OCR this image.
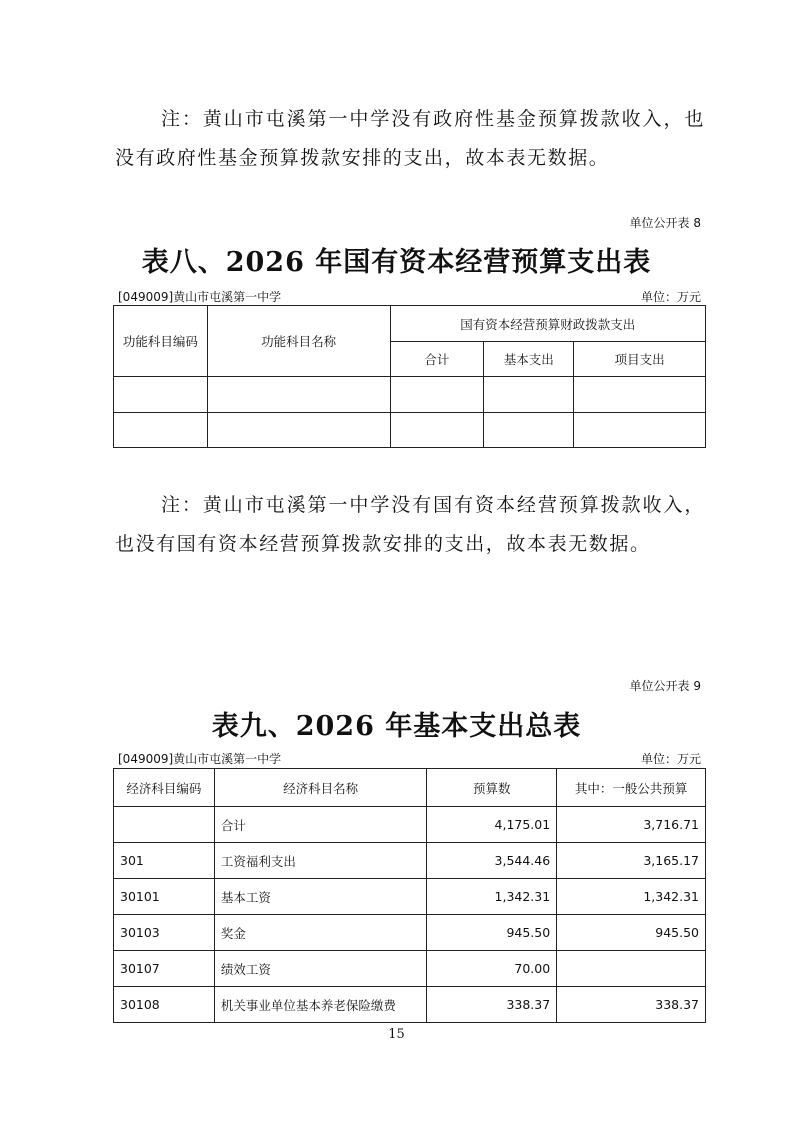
注：黄山市屯溪第一中学没有政府性基金预算拨款收入，也没有政府性基金预算拨款安排的支出，故本表无数据。

单位公开表 8
表八、2026 年国有资本经营预算支出表
[049009]黄山市屯溪第一中学	单位：万元
功能科目编码	功能科目名称	国有资本经营预算财政拨款支出		
		合计	基本支出	项目支出

注：黄山市屯溪第一中学没有国有资本经营预算拨款收入，也没有国有资本经营预算拨款安排的支出，故本表无数据。

单位公开表 9
表九、2026 年基本支出总表
[049009]黄山市屯溪第一中学	单位：万元
经济科目编码	经济科目名称	预算数	其中：一般公共预算
	合计	4,175.01	3,716.71
301	工资福利支出	3,544.46	3,165.17
30101	基本工资	1,342.31	1,342.31
30103	奖金	945.50	945.50
30107	绩效工资	70.00	
30108	机关事业单位基本养老保险缴费	338.37	338.37
15
